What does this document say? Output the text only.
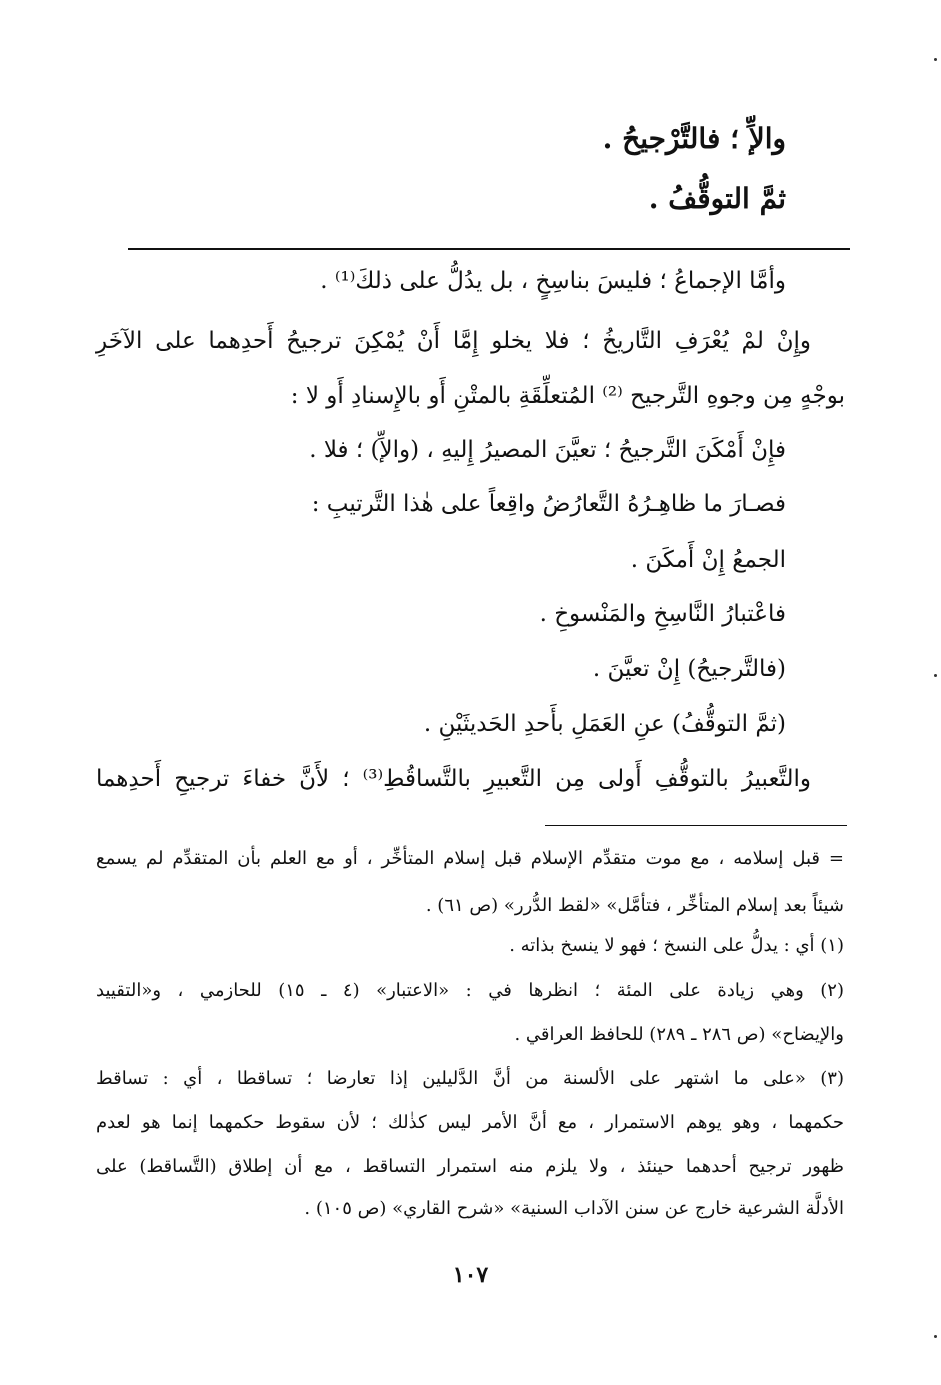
والإِّ ؛ فالتَّرْجيحُ .
ثمَّ التوقُّفُ .
وأمَّا الإجماعُ ؛ فليسَ بناسِخٍ ، بل يدُلُّ على ذلكَ⁽¹⁾ .
وإِنْ لمْ يُعْرَفِ التَّاريخُ ؛ فلا يخلو إِمَّا أَنْ يُمْكِنَ ترجيحُ أَحدِهما على الآخَرِ
بوجْهٍ مِن وجوهِ التَّرجيح ⁽²⁾ المُتعلِّقَةِ بالمتْنِ أَو بالإِسنادِ أَو لا :
فإِنْ أَمْكَنَ التَّرجيحُ ؛ تعيَّنَ المصيرُ إِليهِ ، (والإِّ) ؛ فلا .
فصـارَ ما ظاهِـرُهُ التَّعارُضُ واقِعاً على هٰذا التَّرتيبِ :
الجمعُ إِنْ أَمكَنَ .
فاعْتبارُ النَّاسِخِ والمَنْسوخِ .
(فالتَّرجيحُ) إِنْ تعيَّنَ .
(ثمَّ التوقُّفُ) عنِ العَمَلِ بأَحدِ الحَديثَيْنِ .
والتَّعبيرُ بالتوقُّفِ أَولى مِن التَّعبيرِ بالتَّساقُطِ⁽³⁾ ؛ لأَنَّ خفاءَ ترجيحِ أَحدِهما
= قبل إسلامه ، مع موت متقدِّم الإسلام قبل إسلام المتأخِّر ، أو مع العلم بأن المتقدِّم لم يسمع
شيئاً بعد إسلام المتأخِّر ، فتأمَّل» «لقط الدُّرر» (ص ٦١) .
(١) أي : يدلُّ على النسخ ؛ فهو لا ينسخ بذاته .
(٢) وهي زيادة على المئة ؛ انظرها في : «الاعتبار» (٤ ـ ١٥) للحازمي ، و«التقييد
والإيضاح» (ص ٢٨٦ ـ ٢٨٩) للحافظ العراقي .
(٣) «على ما اشتهر على الألسنة من أنَّ الدَّليلين إذا تعارضا ؛ تساقطا ، أي : تساقط
حكمهما ، وهو يوهم الاستمرار ، مع أنَّ الأمر ليس كذٰلك ؛ لأن سقوط حكمهما إنما هو لعدم
ظهور ترجيح أحدهما حينئذ ، ولا يلزم منه استمرار التساقط ، مع أن إطلاق (التَّساقط) على
الأدلَّة الشرعية خارج عن سنن الآداب السنية» «شرح القاري» (ص ١٠٥) .
١٠٧
